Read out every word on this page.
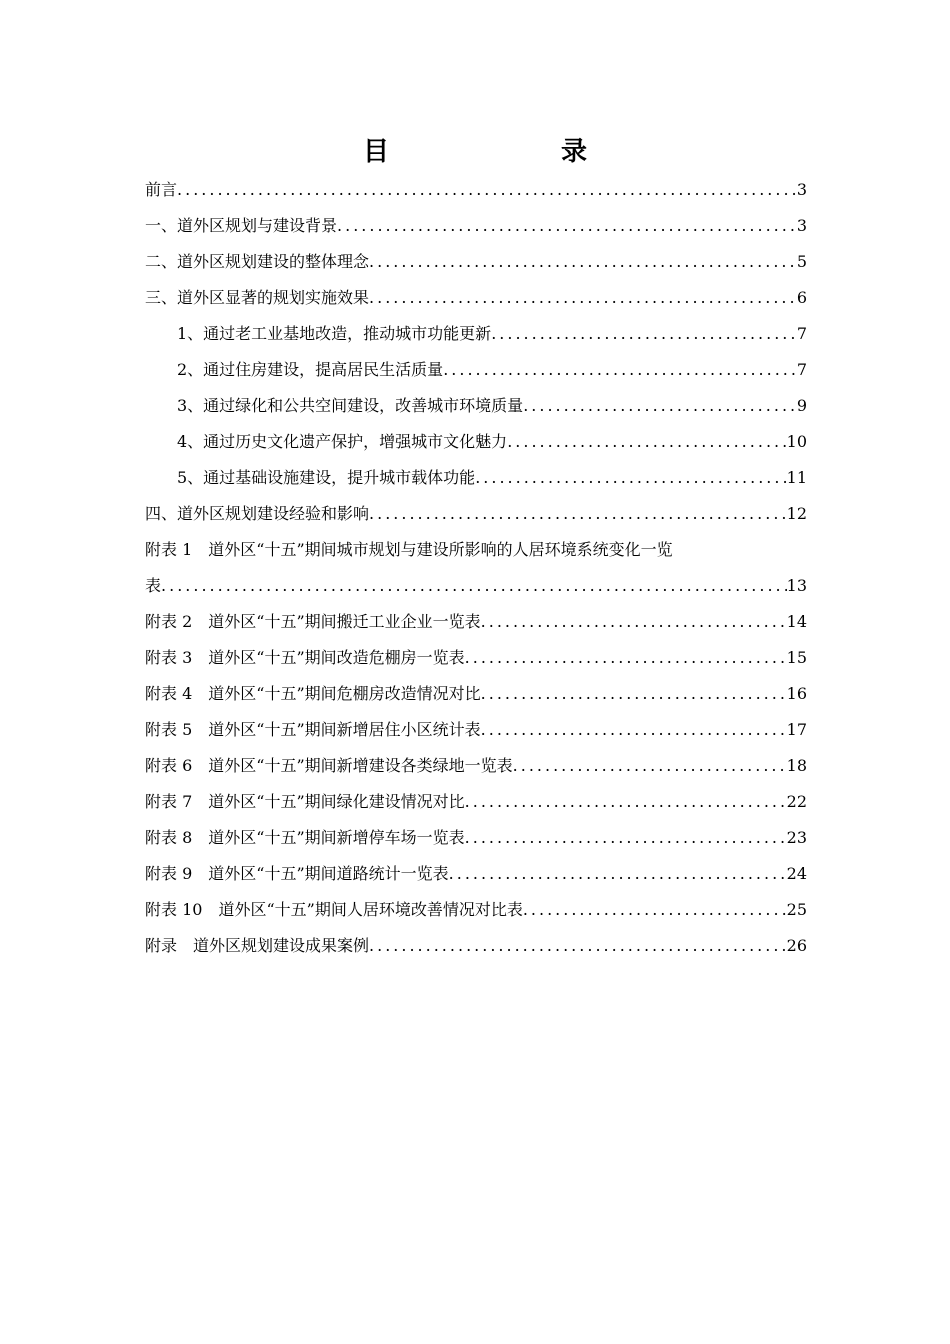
目　　录
前言 .....	3
一、道外区规划与建设背景 .....	3
二、道外区规划建设的整体理念 .....	5
三、道外区显著的规划实施效果 .....	6
1、通过老工业基地改造，推动城市功能更新 .....	7
2、通过住房建设，提高居民生活质量 .....	7
3、通过绿化和公共空间建设，改善城市环境质量 .....	9
4、通过历史文化遗产保护，增强城市文化魅力 .....	10
5、通过基础设施建设，提升城市载体功能 .....	11
四、道外区规划建设经验和影响 .....	12
附表 1 道外区“十五”期间城市规划与建设所影响的人居环境系统变化一览
表 .....	13
附表 2 道外区“十五”期间搬迁工业企业一览表 .....	14
附表 3 道外区“十五”期间改造危棚房一览表 .....	15
附表 4 道外区“十五”期间危棚房改造情况对比 .....	16
附表 5 道外区“十五”期间新增居住小区统计表 .....	17
附表 6 道外区“十五”期间新增建设各类绿地一览表 .....	18
附表 7 道外区“十五”期间绿化建设情况对比 .....	22
附表 8 道外区“十五”期间新增停车场一览表 .....	23
附表 9 道外区“十五”期间道路统计一览表 .....	24
附表 10 道外区“十五”期间人居环境改善情况对比表 .....	25
附录 道外区规划建设成果案例 .....	26
